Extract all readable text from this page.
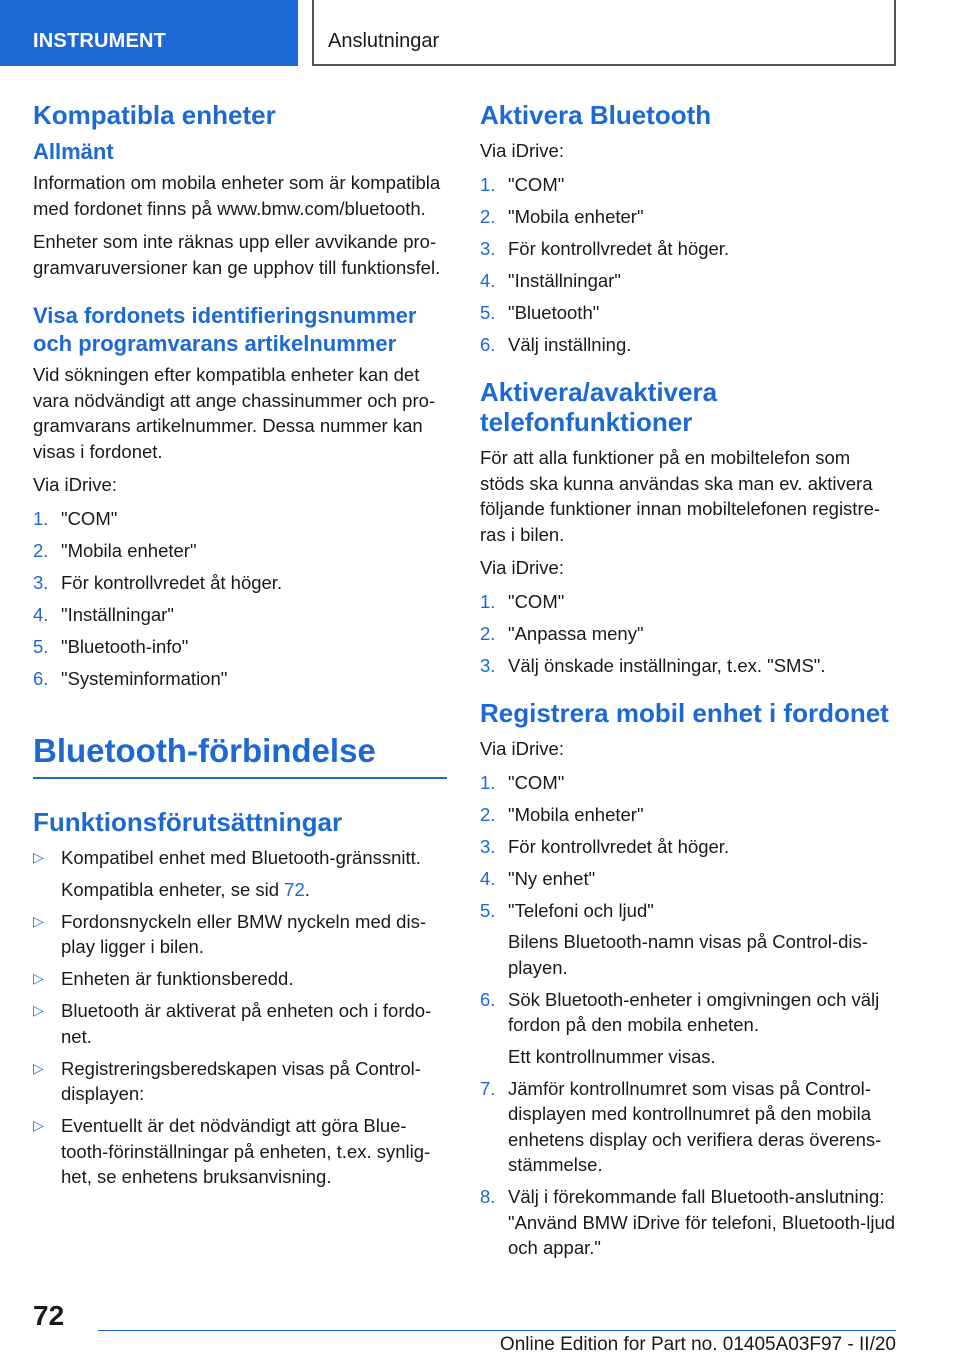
INSTRUMENT	Anslutningar
Kompatibla enheter
Allmänt

Information om mobila enheter som är kompatibla med fordonet finns på www.bmw.com/bluetooth.

Enheter som inte räknas upp eller avvikande programvaruversioner kan ge upphov till funktionsfel.

Visa fordonets identifieringsnummer och programvarans artikelnummer

Vid sökningen efter kompatibla enheter kan det vara nödvändigt att ange chassinummer och programvarans artikelnummer. Dessa nummer kan visas i fordonet.

Via iDrive:

1. "COM"
2. "Mobila enheter"
3. För kontrollvredet åt höger.
4. "Inställningar"
5. "Bluetooth-info"
6. "Systeminformation"
Bluetooth-förbindelse
Funktionsförutsättningar
▷ Kompatibel enhet med Bluetooth-gränssnitt.
Kompatibla enheter, se sid 72.
▷ Fordonsnyckeln eller BMW nyckeln med display ligger i bilen.
▷ Enheten är funktionsberedd.
▷ Bluetooth är aktiverat på enheten och i fordonet.
▷ Registreringsberedskapen visas på Control-displayen:
▷ Eventuellt är det nödvändigt att göra Bluetooth-förinställningar på enheten, t.ex. synlighet, se enhetens bruksanvisning.
Aktivera Bluetooth

Via iDrive:

1. "COM"
2. "Mobila enheter"
3. För kontrollvredet åt höger.
4. "Inställningar"
5. "Bluetooth"
6. Välj inställning.
Aktivera/avaktivera telefonfunktioner

För att alla funktioner på en mobiltelefon som stöds ska kunna användas ska man ev. aktivera följande funktioner innan mobiltelefonen registreras i bilen.

Via iDrive:

1. "COM"
2. "Anpassa meny"
3. Välj önskade inställningar, t.ex. "SMS".
Registrera mobil enhet i fordonet

Via iDrive:

1. "COM"
2. "Mobila enheter"
3. För kontrollvredet åt höger.
4. "Ny enhet"
5. "Telefoni och ljud"
Bilens Bluetooth-namn visas på Control-displayen.
6. Sök Bluetooth-enheter i omgivningen och välj fordon på den mobila enheten.
Ett kontrollnummer visas.
7. Jämför kontrollnumret som visas på Control-displayen med kontrollnumret på den mobila enhetens display och verifiera deras överensstämmelse.
8. Välj i förekommande fall Bluetooth-anslutning: "Använd BMW iDrive för telefoni, Bluetooth-ljud och appar."
72
Online Edition for Part no. 01405A03F97 - II/20
